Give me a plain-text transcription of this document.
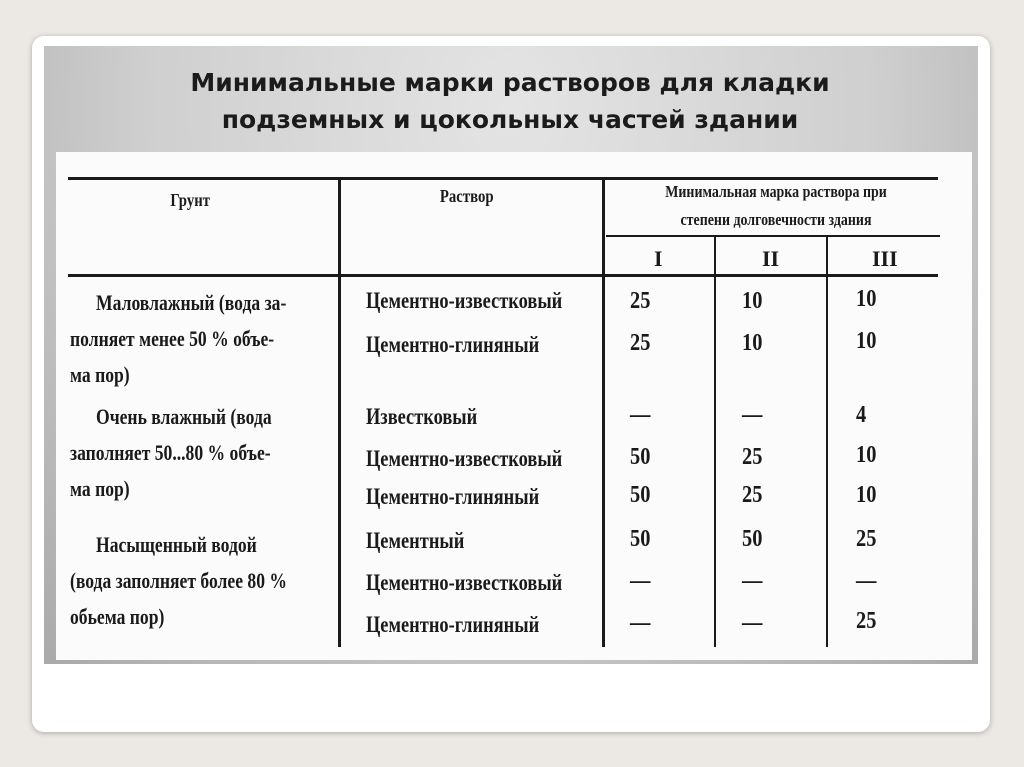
Минимальные марки растворов для кладки
подземных и цокольных частей здании
Грунт	Раствор	Минимальная марка раствора при
степени долговечности здания
I	II	III
Маловлажный (вода за-
полняет менее 50 % объе-
ма пор)
Цементно-известковый	25	10	10
Цементно-глиняный	25	10	10
Очень влажный (вода
заполняет 50...80 % объе-
ма пор)
Известковый	—	—	4
Цементно-известковый	50	25	10
Цементно-глиняный	50	25	10
Насыщенный водой
(вода заполняет более 80 %
обьема пор)
Цементный	50	50	25
Цементно-известковый	—	—	—
Цементно-глиняный	—	—	25
